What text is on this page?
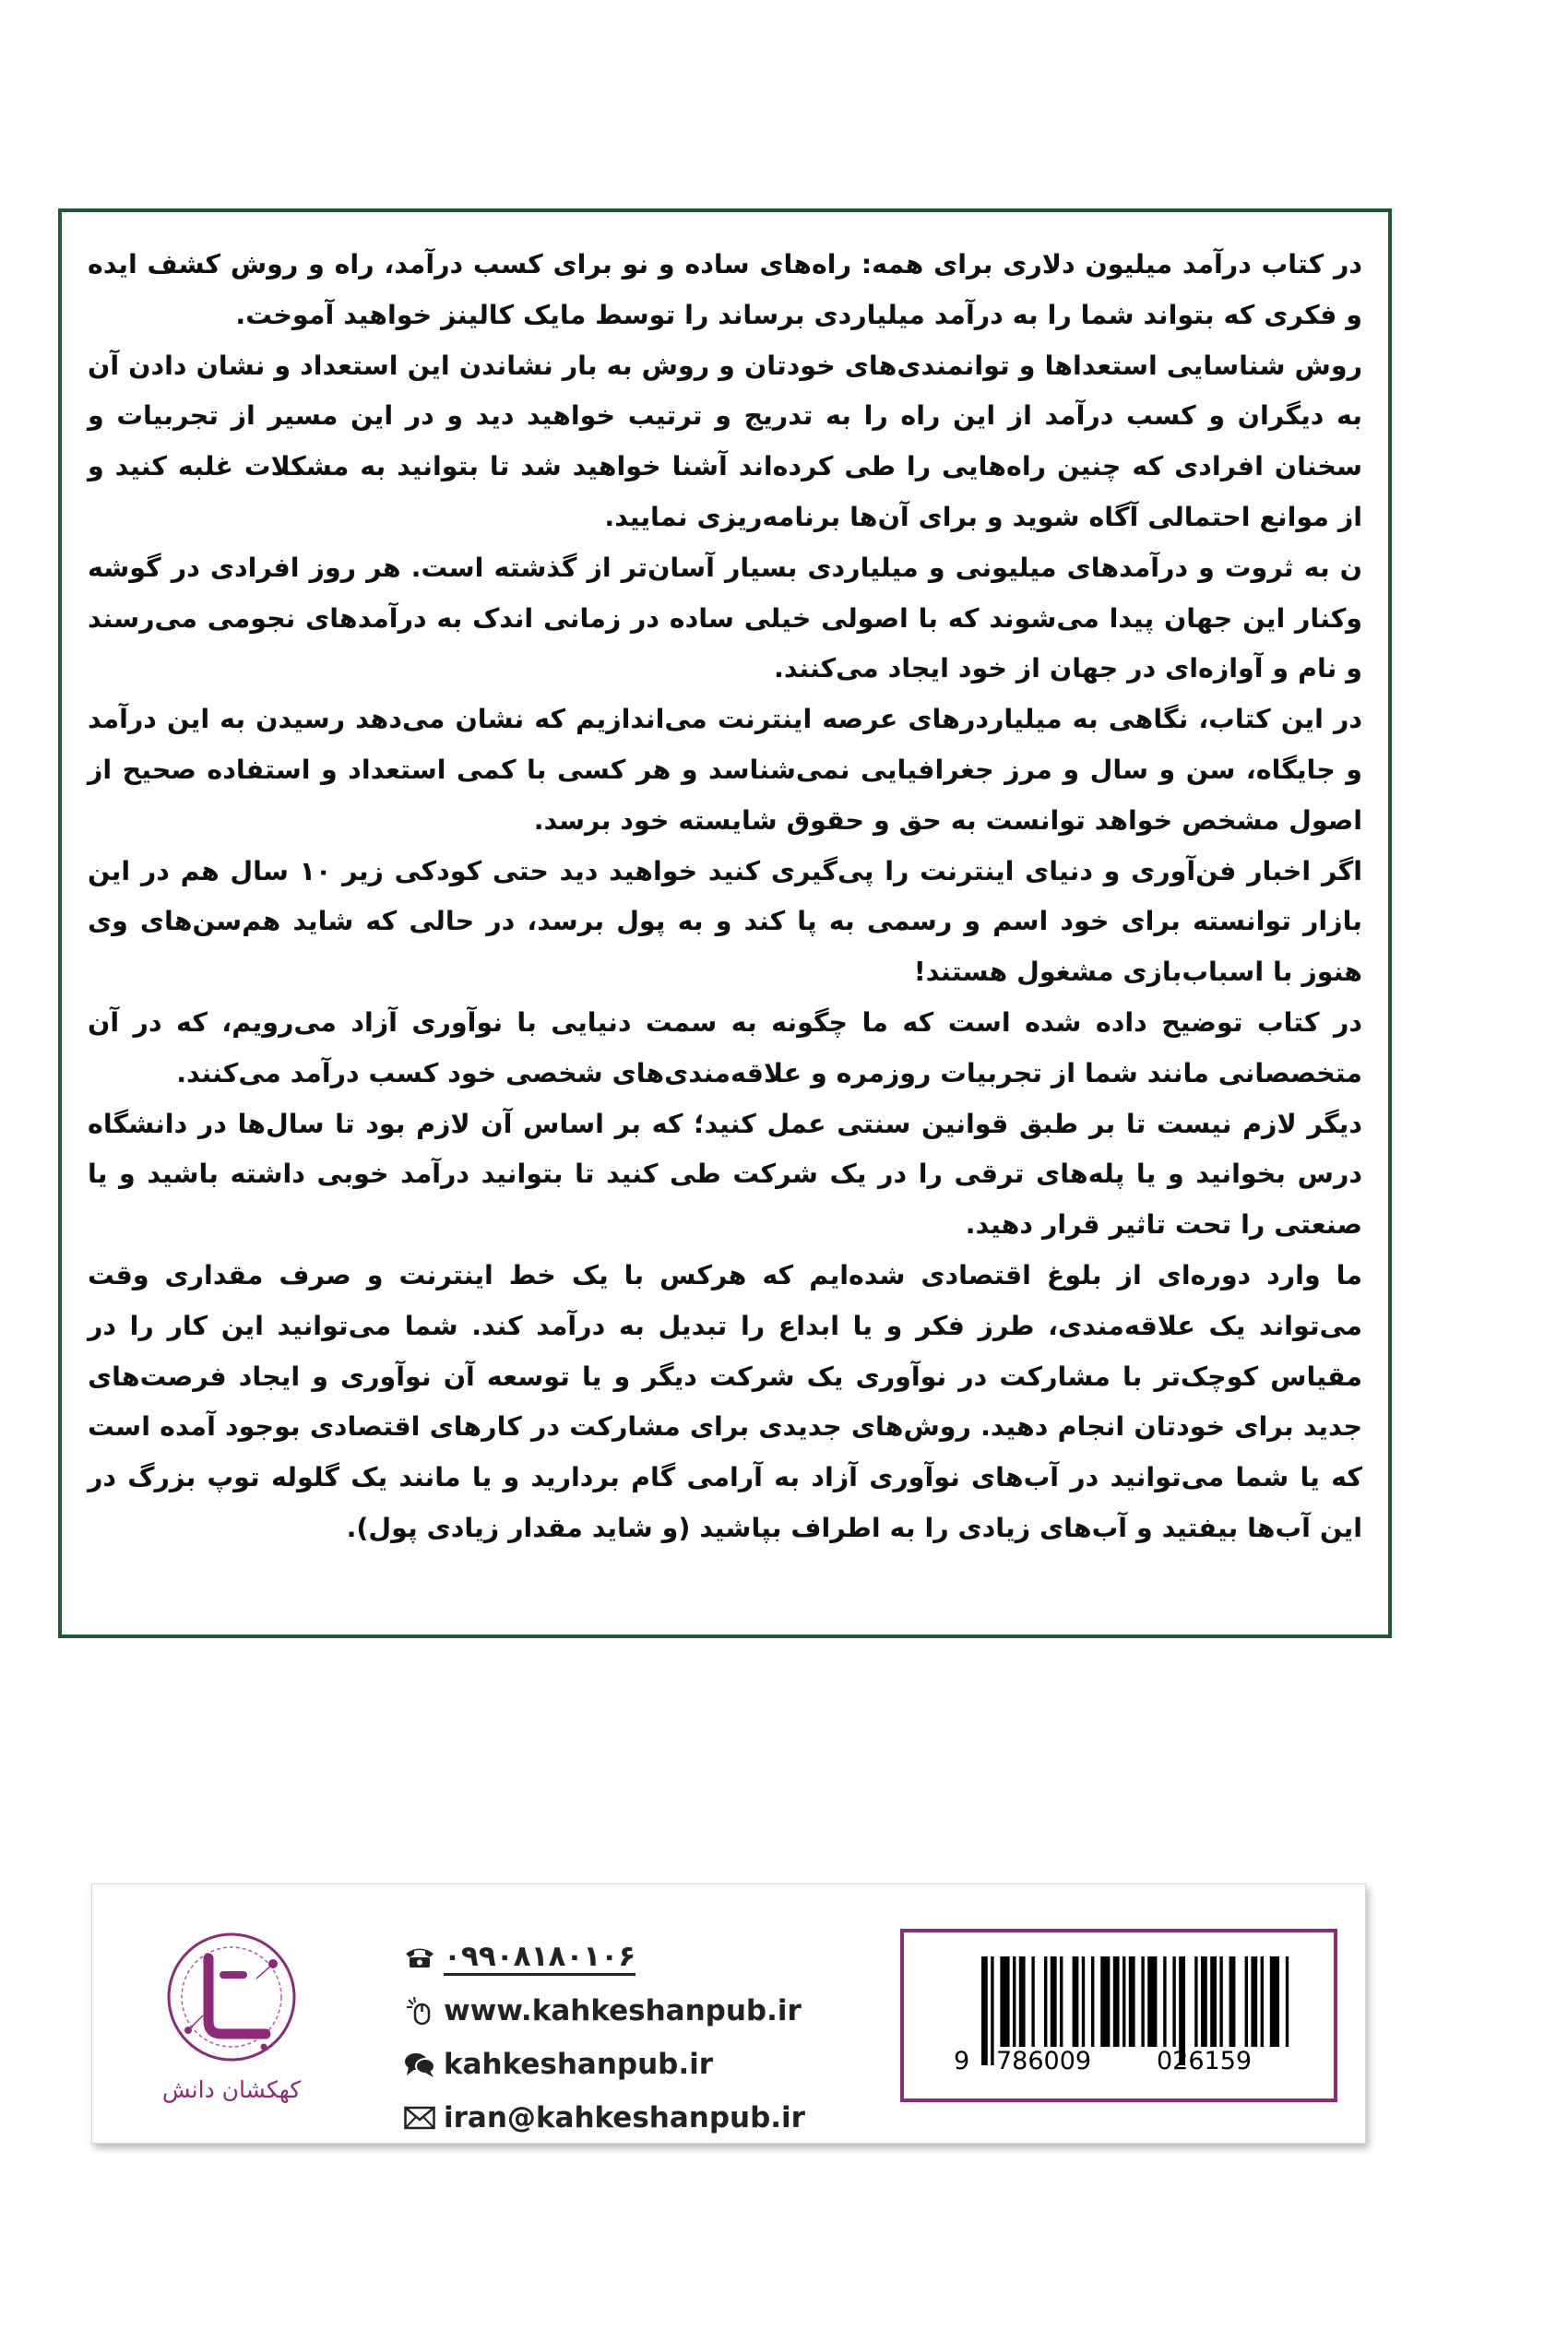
در کتاب درآمد میلیون دلاری برای همه: راه‌های ساده و نو برای کسب درآمد، راه و روش کشف ایده و فکری که بتواند شما را به درآمد میلیاردی برساند را توسط مایک کالینز خواهید آموخت.

روش شناسایی استعداها و توانمندی‌های خودتان و روش به بار نشاندن این استعداد و نشان دادن آن به دیگران و کسب درآمد از این راه را به تدریج و ترتیب خواهید دید و در این مسیر از تجربیات و سخنان افرادی که چنین راه‌هایی را طی کرده‌اند آشنا خواهید شد تا بتوانید به مشکلات غلبه کنید و از موانع احتمالی آگاه شوید و برای آن‌ها برنامه‌ریزی نمایید.

ن به ثروت و درآمدهای میلیونی و میلیاردی بسیار آسان‌تر از گذشته است. هر روز افرادی در گوشه وکنار این جهان پیدا می‌شوند که با اصولی خیلی ساده در زمانی اندک به درآمدهای نجومی می‌رسند و نام و آوازه‌ای در جهان از خود ایجاد می‌کنند.

در این کتاب، نگاهی به میلیاردرهای عرصه اینترنت می‌اندازیم که نشان می‌دهد رسیدن به این درآمد و جایگاه، سن و سال و مرز جغرافیایی نمی‌شناسد و هر کسی با کمی استعداد و استفاده صحیح از اصول مشخص خواهد توانست به حق و حقوق شایسته خود برسد.

اگر اخبار فن‌آوری و دنیای اینترنت را پی‌گیری کنید خواهید دید حتی کودکی زیر ۱۰ سال هم در این بازار توانسته برای خود اسم و رسمی به پا کند و به پول برسد، در حالی که شاید هم‌سن‌های وی هنوز با اسباب‌بازی مشغول هستند!

در کتاب توضیح داده شده است که ما چگونه به سمت دنیایی با نوآوری آزاد می‌رویم، که در آن متخصصانی مانند شما از تجربیات روزمره و علاقه‌مندی‌های شخصی خود کسب درآمد می‌کنند.

دیگر لازم نیست تا بر طبق قوانین سنتی عمل کنید؛ که بر اساس آن لازم بود تا سال‌ها در دانشگاه درس بخوانید و یا پله‌های ترقی را در یک شرکت طی کنید تا بتوانید درآمد خوبی داشته باشید و یا صنعتی را تحت تاثیر قرار دهید.

ما وارد دوره‌ای از بلوغ اقتصادی شده‌ایم که هرکس با یک خط اینترنت و صرف مقداری وقت می‌تواند یک علاقه‌مندی، طرز فکر و یا ابداع را تبدیل به درآمد کند. شما می‌توانید این کار را در مقیاس کوچک‌تر با مشارکت در نوآوری یک شرکت دیگر و یا توسعه آن نوآوری و ایجاد فرصت‌های جدید برای خودتان انجام دهید. روش‌های جدیدی برای مشارکت در کارهای اقتصادی بوجود آمده است که یا شما می‌توانید در آب‌های نوآوری آزاد به آرامی گام بردارید و یا مانند یک گلوله توپ بزرگ در این آب‌ها بیفتید و آب‌های زیادی را به اطراف بپاشید (و شاید مقدار زیادی پول).

کهکشان دانش
۰۹۹۰۸۱۸۰۱۰۶
www.kahkeshanpub.ir
kahkeshanpub.ir
iran@kahkeshanpub.ir
9 786009	026159
